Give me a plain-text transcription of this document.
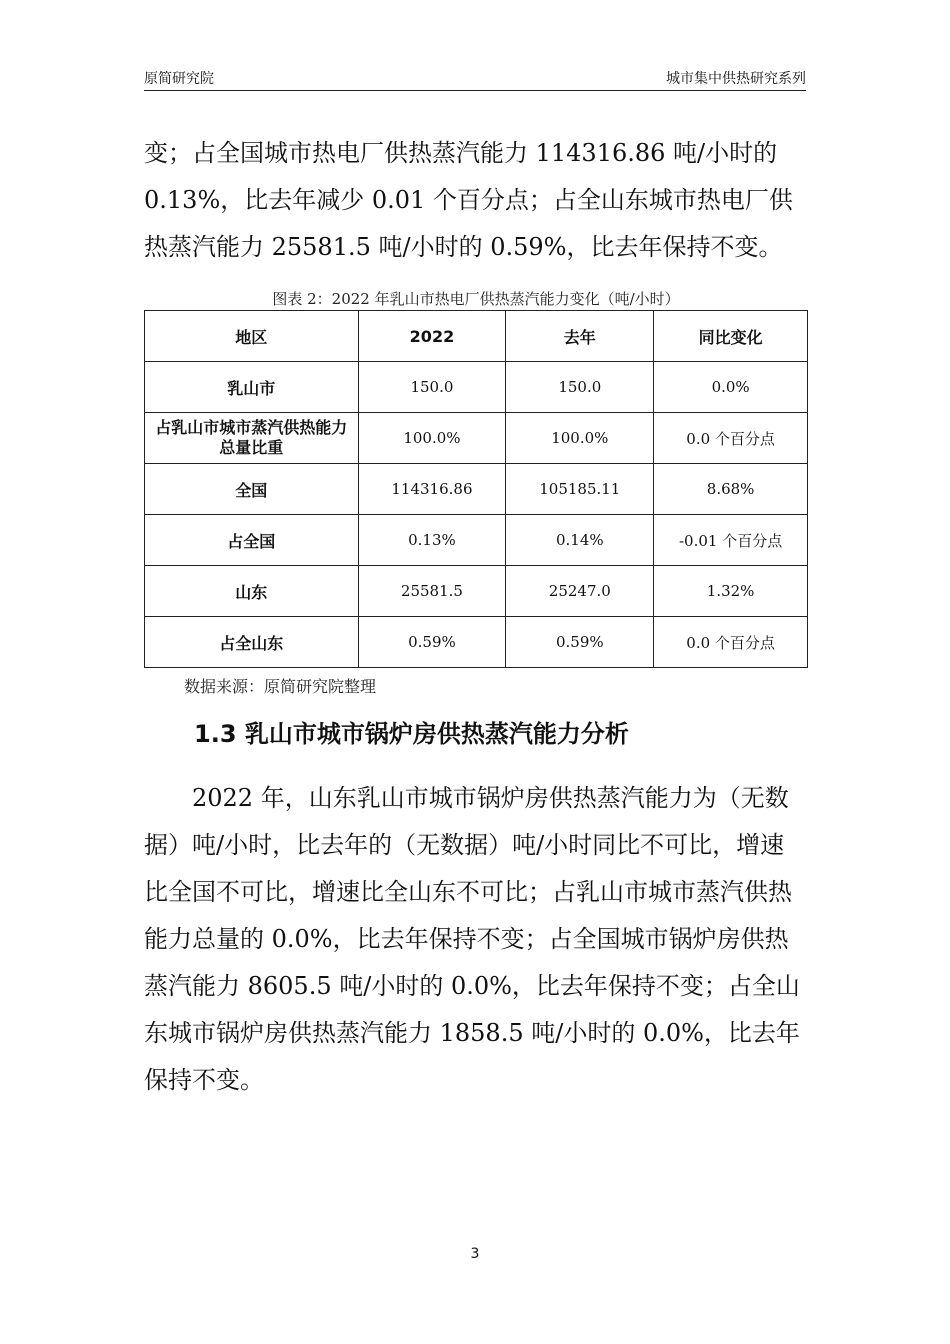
原简研究院	城市集中供热研究系列

变；占全国城市热电厂供热蒸汽能力 114316.86 吨/小时的 0.13%，比去年减少 0.01 个百分点；占全山东城市热电厂供热蒸汽能力 25581.5 吨/小时的 0.59%，比去年保持不变。

图表 2：2022 年乳山市热电厂供热蒸汽能力变化（吨/小时）
地区	2022	去年	同比变化
乳山市	150.0	150.0	0.0%
占乳山市城市蒸汽供热能力总量比重	100.0%	100.0%	0.0 个百分点
全国	114316.86	105185.11	8.68%
占全国	0.13%	0.14%	-0.01 个百分点
山东	25581.5	25247.0	1.32%
占全山东	0.59%	0.59%	0.0 个百分点
数据来源：原简研究院整理
1.3 乳山市城市锅炉房供热蒸汽能力分析

2022 年，山东乳山市城市锅炉房供热蒸汽能力为（无数据）吨/小时，比去年的（无数据）吨/小时同比不可比，增速比全国不可比，增速比全山东不可比；占乳山市城市蒸汽供热能力总量的 0.0%，比去年保持不变；占全国城市锅炉房供热蒸汽能力 8605.5 吨/小时的 0.0%，比去年保持不变；占全山东城市锅炉房供热蒸汽能力 1858.5 吨/小时的 0.0%，比去年保持不变。

3
